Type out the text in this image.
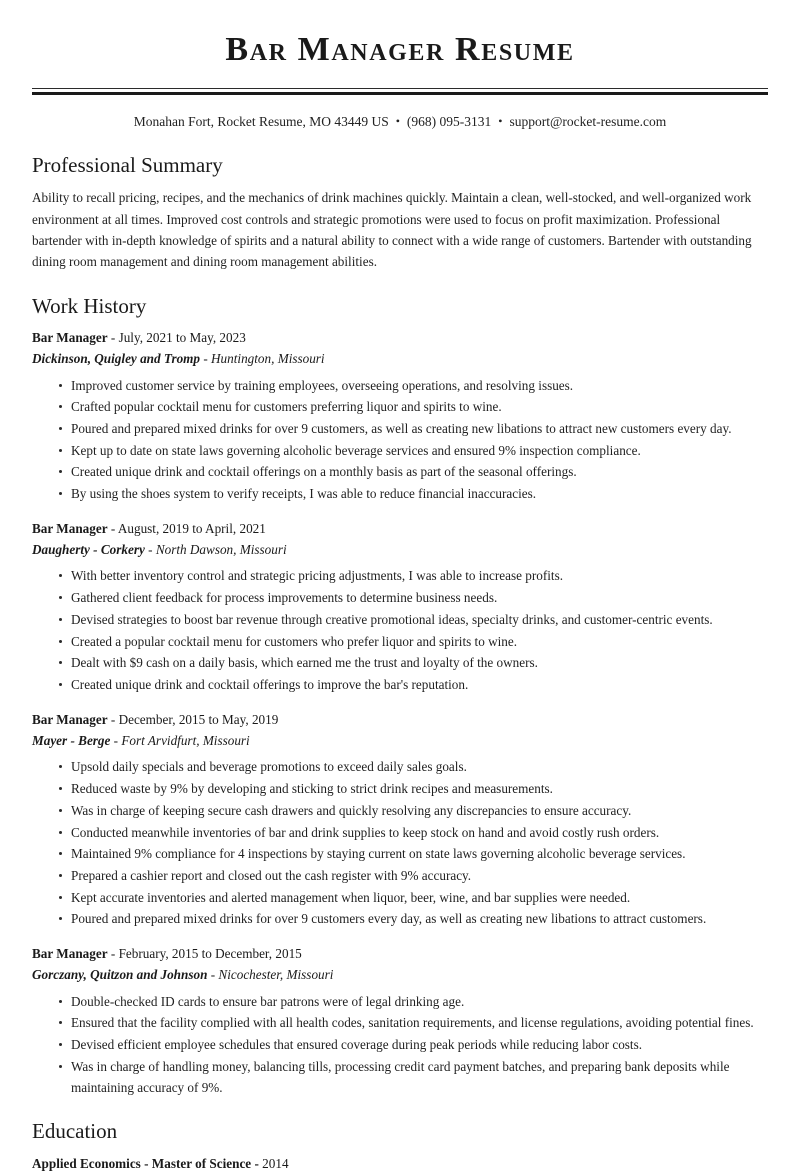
Bar Manager Resume
Monahan Fort, Rocket Resume, MO 43449 US • (968) 095-3131 • support@rocket-resume.com
Professional Summary

Ability to recall pricing, recipes, and the mechanics of drink machines quickly. Maintain a clean, well-stocked, and well-organized work environment at all times. Improved cost controls and strategic promotions were used to focus on profit maximization. Professional bartender with in-depth knowledge of spirits and a natural ability to connect with a wide range of customers. Bartender with outstanding dining room management and dining room management abilities.

Work History
Bar Manager - July, 2021 to May, 2023
Dickinson, Quigley and Tromp - Huntington, Missouri
Improved customer service by training employees, overseeing operations, and resolving issues.
Crafted popular cocktail menu for customers preferring liquor and spirits to wine.
Poured and prepared mixed drinks for over 9 customers, as well as creating new libations to attract new customers every day.
Kept up to date on state laws governing alcoholic beverage services and ensured 9% inspection compliance.
Created unique drink and cocktail offerings on a monthly basis as part of the seasonal offerings.
By using the shoes system to verify receipts, I was able to reduce financial inaccuracies.
Bar Manager - August, 2019 to April, 2021
Daugherty - Corkery - North Dawson, Missouri
With better inventory control and strategic pricing adjustments, I was able to increase profits.
Gathered client feedback for process improvements to determine business needs.
Devised strategies to boost bar revenue through creative promotional ideas, specialty drinks, and customer-centric events.
Created a popular cocktail menu for customers who prefer liquor and spirits to wine.
Dealt with $9 cash on a daily basis, which earned me the trust and loyalty of the owners.
Created unique drink and cocktail offerings to improve the bar's reputation.
Bar Manager - December, 2015 to May, 2019
Mayer - Berge - Fort Arvidfurt, Missouri
Upsold daily specials and beverage promotions to exceed daily sales goals.
Reduced waste by 9% by developing and sticking to strict drink recipes and measurements.
Was in charge of keeping secure cash drawers and quickly resolving any discrepancies to ensure accuracy.
Conducted meanwhile inventories of bar and drink supplies to keep stock on hand and avoid costly rush orders.
Maintained 9% compliance for 4 inspections by staying current on state laws governing alcoholic beverage services.
Prepared a cashier report and closed out the cash register with 9% accuracy.
Kept accurate inventories and alerted management when liquor, beer, wine, and bar supplies were needed.
Poured and prepared mixed drinks for over 9 customers every day, as well as creating new libations to attract customers.
Bar Manager - February, 2015 to December, 2015
Gorczany, Quitzon and Johnson - Nicochester, Missouri
Double-checked ID cards to ensure bar patrons were of legal drinking age.
Ensured that the facility complied with all health codes, sanitation requirements, and license regulations, avoiding potential fines.
Devised efficient employee schedules that ensured coverage during peak periods while reducing labor costs.
Was in charge of handling money, balancing tills, processing credit card payment batches, and preparing bank deposits while maintaining accuracy of 9%.
Education
Applied Economics - Master of Science - 2014
